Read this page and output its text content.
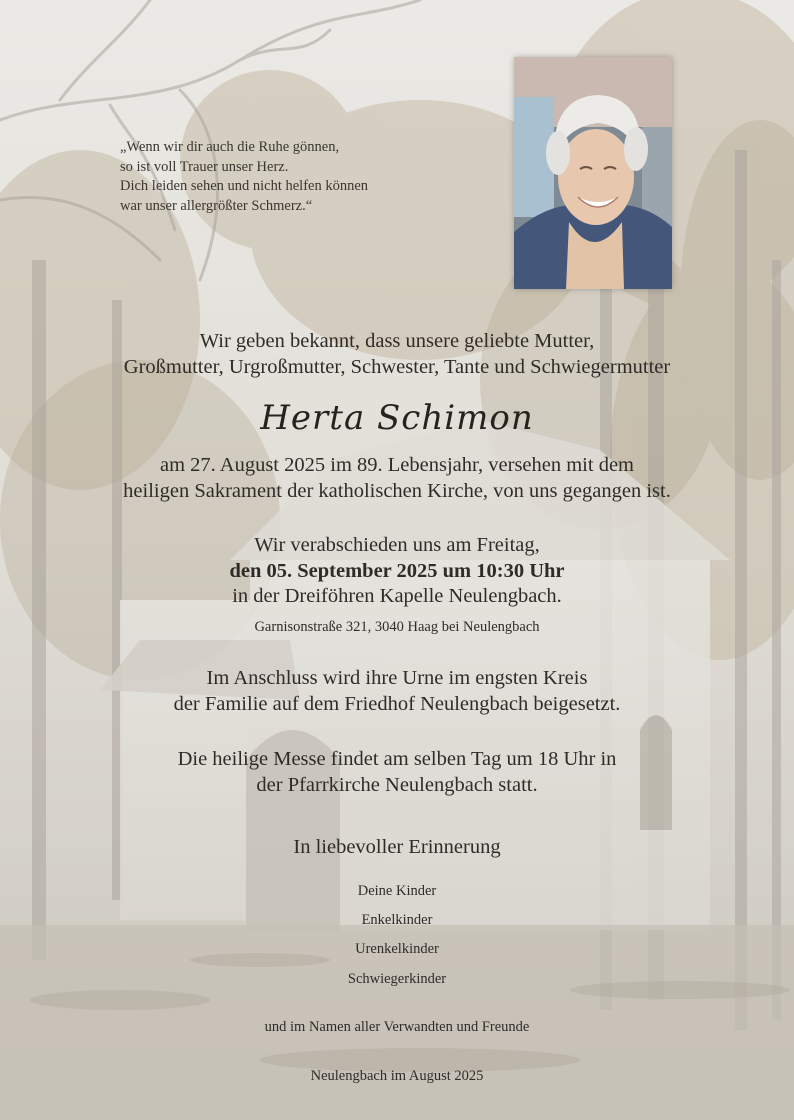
„Wenn wir dir auch die Ruhe gönnen,
so ist voll Trauer unser Herz.
Dich leiden sehen und nicht helfen können
war unser allergrößter Schmerz.“
Wir geben bekannt, dass unsere geliebte Mutter,
Großmutter, Urgroßmutter, Schwester, Tante und Schwiegermutter
Herta Schimon
am 27. August 2025 im 89. Lebensjahr, versehen mit dem
heiligen Sakrament der katholischen Kirche, von uns gegangen ist.
Wir verabschieden uns am Freitag,
den 05. September 2025 um 10:30 Uhr
in der Dreiföhren Kapelle Neulengbach.
Garnisonstraße 321, 3040 Haag bei Neulengbach
Im Anschluss wird ihre Urne im engsten Kreis
der Familie auf dem Friedhof Neulengbach beigesetzt.
Die heilige Messe findet am selben Tag um 18 Uhr in
der Pfarrkirche Neulengbach statt.
In liebevoller Erinnerung
Deine Kinder
Enkelkinder
Urenkelkinder
Schwiegerkinder
und im Namen aller Verwandten und Freunde
Neulengbach im August 2025
